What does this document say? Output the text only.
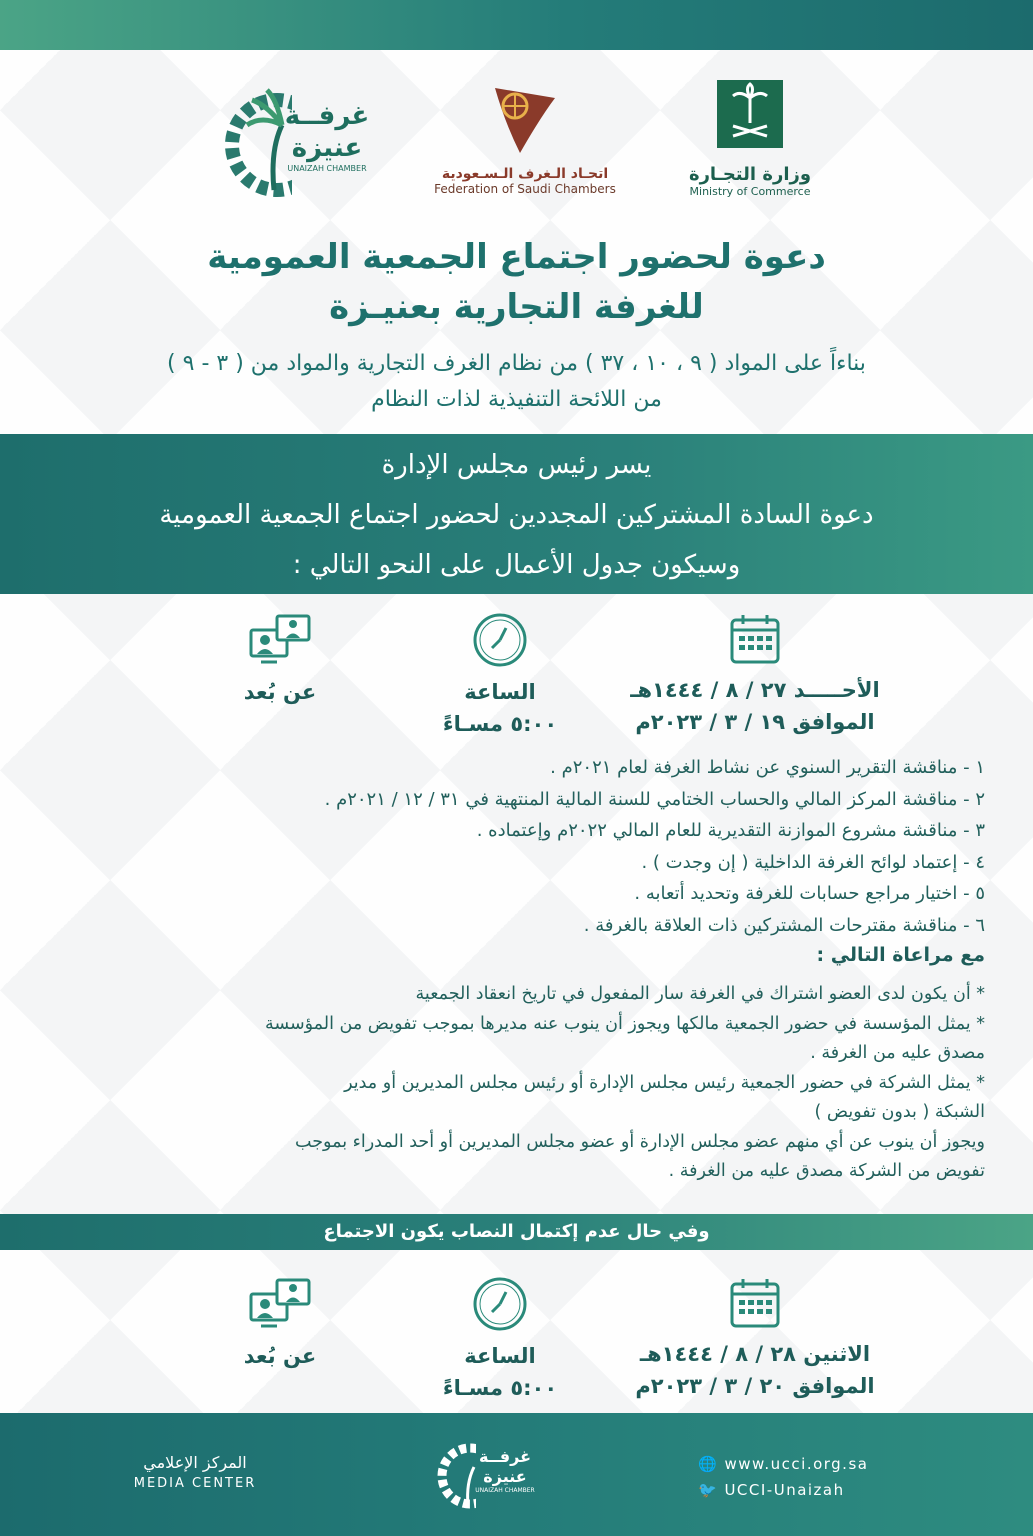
غرفــة
عنيزة
UNAIZAH CHAMBER	اتحـاد الـغرف الـسـعودية
Federation of Saudi Chambers
وزارة التجـارة
Ministry of Commerce
دعوة لحضور اجتماع الجمعية العمومية
للغرفة التجارية بعنيـزة
بناءاً على المواد ( ٩ ، ١٠ ، ٣٧ ) من نظام الغرف التجارية والمواد من ( ٣ - ٩ )
من اللائحة التنفيذية لذات النظام
يسر رئيس مجلس الإدارة
دعوة السادة المشتركين المجددين لحضور اجتماع الجمعية العمومية
وسيكون جدول الأعمال على النحو التالي :
الأحـــــد ٢٧ / ٨ / ١٤٤٤هـ
الموافق ١٩ / ٣ / ٢٠٢٣م
الساعة
٥:٠٠ مسـاءً
عن بُعد
١ - مناقشة التقرير السنوي عن نشاط الغرفة لعام ٢٠٢١م .
٢ - مناقشة المركز المالي والحساب الختامي للسنة المالية المنتهية في ٣١ / ١٢ / ٢٠٢١م .
٣ - مناقشة مشروع الموازنة التقديرية للعام المالي ٢٠٢٢م وإعتماده .
٤ - إعتماد لوائح الغرفة الداخلية ( إن وجدت ) .
٥ - اختيار مراجع حسابات للغرفة وتحديد أتعابه .
٦ - مناقشة مقترحات المشتركين ذات العلاقة بالغرفة .
مع مراعاة التالي :
* أن يكون لدى العضو اشتراك في الغرفة سار المفعول في تاريخ انعقاد الجمعية
* يمثل المؤسسة في حضور الجمعية مالكها ويجوز أن ينوب عنه مديرها بموجب تفويض من المؤسسة
مصدق عليه من الغرفة .
* يمثل الشركة في حضور الجمعية رئيس مجلس الإدارة أو رئيس مجلس المديرين أو مدير
الشبكة ( بدون تفويض )
ويجوز أن ينوب عن أي منهم عضو مجلس الإدارة أو عضو مجلس المديرين أو أحد المدراء بموجب
تفويض من الشركة مصدق عليه من الغرفة .
وفي حال عدم إكتمال النصاب يكون الاجتماع
الاثنين ٢٨ / ٨ / ١٤٤٤هـ
الموافق ٢٠ / ٣ / ٢٠٢٣م
الساعة
٥:٠٠ مسـاءً
عن بُعد
المركز الإعلامي
MEDIA CENTER
غرفــة
عنيزة
UNAIZAH CHAMBER
🌐 www.ucci.org.sa
🐦 UCCI-Unaizah
